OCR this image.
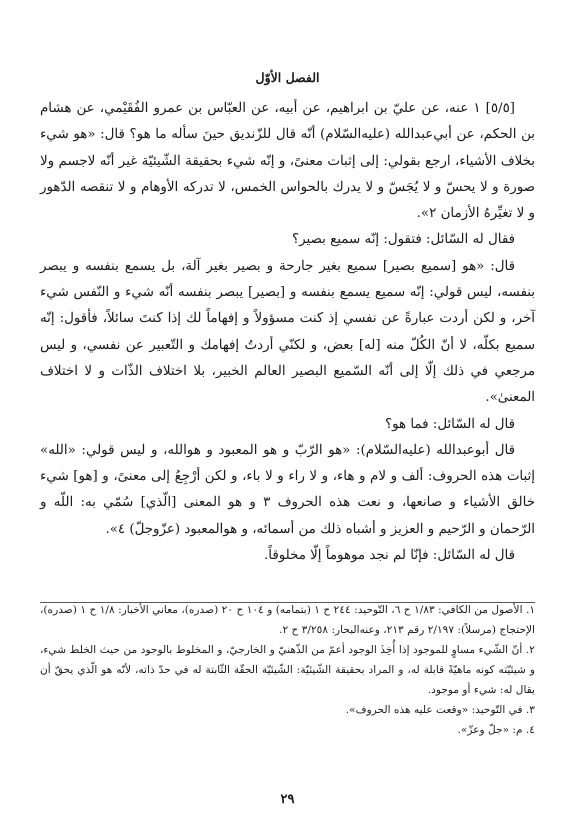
الفصل الأوّل

[٥/٥] ١ عنه، عن عليّ بن ابراهيم، عن أبيه، عن العبّاس بن عمرو الفُقَيْمي، عن هشام بن الحكم، عن أبي‌عبدالله (عليه‌السّلام) أنّه قال للزّنديق حينَ سأله ما هو؟ قال: «هو شيء بخلاف الأشياء، ارجع بقولي: إلى إثبات معنىً، و إنّه شيء بحقيقة الشّيئيّة غير أنّه لاجسم ولا صورة و لا يحسّ و لا يُجَسّ و لا يدرك بالحواس الخمس، لا تدركه الأوهام و لا تنقصه الدّهور و لا تغيِّرهُ الأزمان ٢».

فقال له السّائل: فتقول: إنّه سميع بصير؟

قال: «هو [سميع بصير] سميع بغير جارحة و بصير بغير آلة، بل يسمع بنفسه و يبصر بنفسه، ليس قولي: إنّه سميع يسمع بنفسه و [بصير] يبصر بنفسه أنّه شيء و النّفس شيء آخر، و لكن أردت عبارةً عن نفسي إذ كنت مسؤولاً و إفهاماً لك إذا كنتَ سائلاً، فأقول: إنّه سميع بكلّه، لا أنّ الكُلّ منه [له] بعض، و لكنّي أردتُ إفهامك و التّعبير عن نفسي، و ليس مرجعي في ذلك إلّا إلى أنّه السّميع البصير العالم الخبير، بلا اختلاف الذّات و لا اختلاف المعنىٰ».

قال له السّائل: فما هو؟

قال أبوعبدالله (عليه‌السّلام): «هو الرّبّ و هو المعبود و هوالله، و ليس قولي: «الله» إثبات هذه الحروف: ألف و لام و هاء، و لا راء و لا باء، و لكن أرْجِعُ إلى معنىً، و [هو] شيء خالق الأشياء و صانعها، و نعت هذه الحروف ٣ و هو المعنى [الّذي] سُمّي به: اللّه و الرّحمان و الرّحيم و العزيز و أشباه ذلك من أسمائه، و هوالمعبود (عزّوجلّ) ٤».

قال له السّائل: فإنّا لم نجد موهوماً إلّا مخلوقاً.

١. الأصول من الكافي: ١/٨٣ ح ٦، التّوحيد: ٢٤٤ ح ١ (بتمامه) و ١٠٤ ح ٢٠ (صدره)، معاني الأخبار: ١/٨ ح ١ (صدره)، الإحتجاج (مرسلاً): ٢/١٩٧ رقم ٢١٣، وعنه‌البحار: ٣/٢٥٨ ح ٢.

٢. أنّ الشّيء مساوٍ للموجود إذا أُخِذَ الوجود أعمّ من الذّهنيّ و الخارجيّ، و المخلوط بالوجود من حيث الخلط شيء، و شيئيّته كونه ماهيّةً قابلة له، و المراد بحقيقة الشّيئيّة: الشّيئيّة الحقّة الثّابتة له في حدّ ذاته، لأنّه هو الّذي يحقّ أن يقال له: شيء أو موجود.

٣. في التّوحيد: «وقعت عليه هذه الحروف».

٤. م: «جلّ وعزّ».

٢٩
